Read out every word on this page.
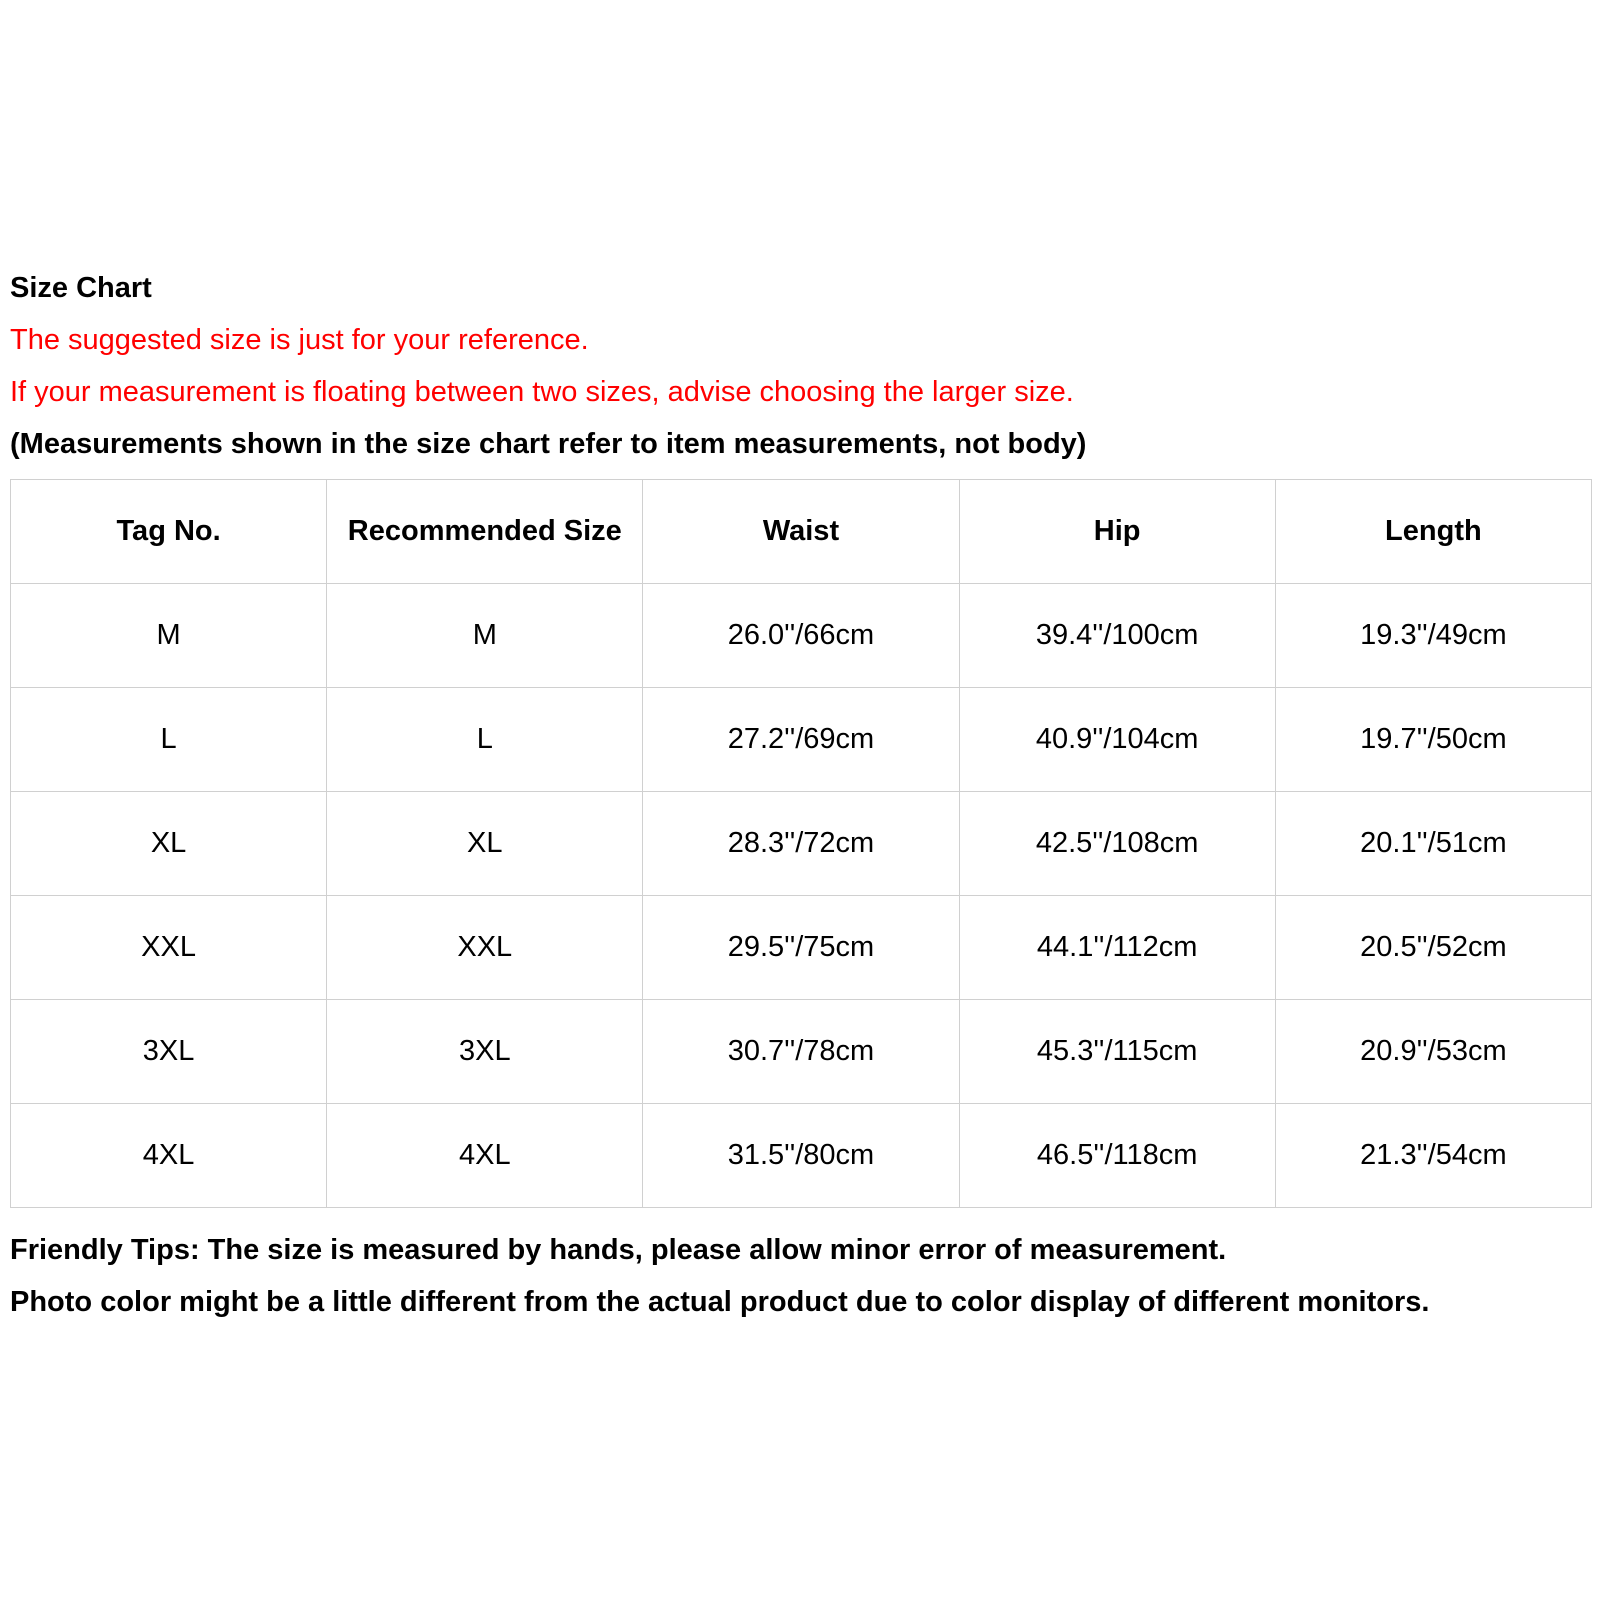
Size Chart
The suggested size is just for your reference.
If your measurement is floating between two sizes, advise choosing the larger size.
(Measurements shown in the size chart refer to item measurements, not body)
Tag No.	Recommended Size	Waist	Hip	Length
M	M	26.0''/66cm	39.4''/100cm	19.3''/49cm
L	L	27.2''/69cm	40.9''/104cm	19.7''/50cm
XL	XL	28.3''/72cm	42.5''/108cm	20.1''/51cm
XXL	XXL	29.5''/75cm	44.1''/112cm	20.5''/52cm
3XL	3XL	30.7''/78cm	45.3''/115cm	20.9''/53cm
4XL	4XL	31.5''/80cm	46.5''/118cm	21.3''/54cm
Friendly Tips: The size is measured by hands, please allow minor error of measurement.
Photo color might be a little different from the actual product due to color display of different monitors.
